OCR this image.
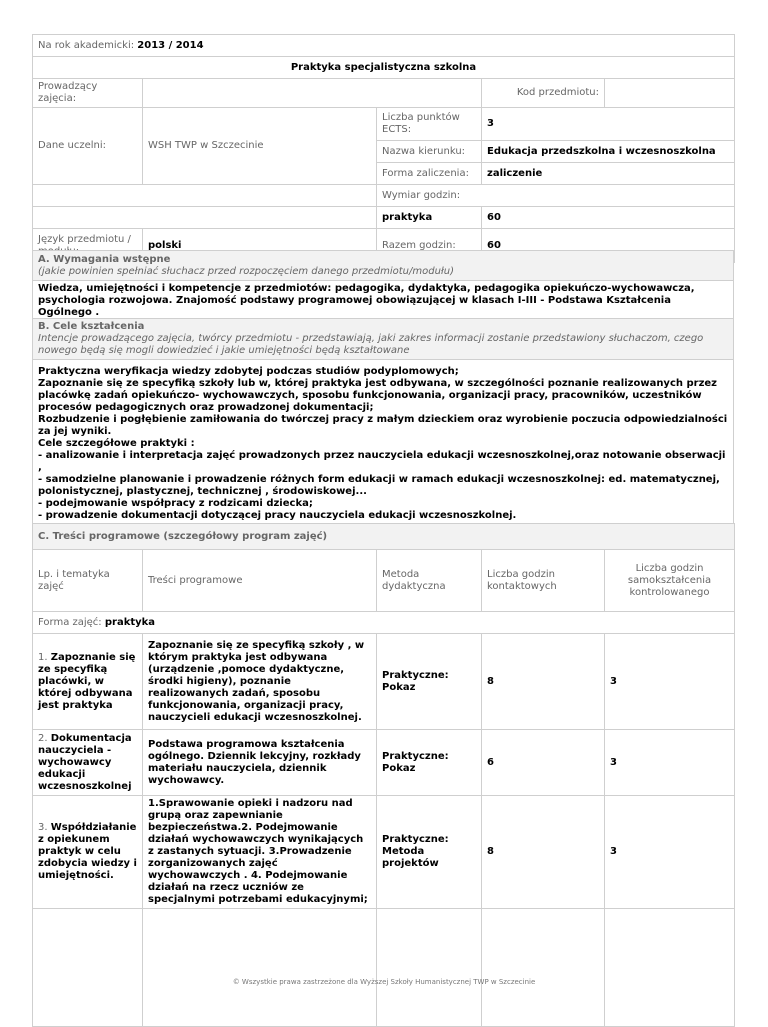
Na rok akademicki: 2013 / 2014				
Praktyka specjalistyczna szkolna				
Prowadzący zajęcia:			Kod przedmiotu:	
Dane uczelni:	WSH TWP w Szczecinie	Liczba punktów ECTS:	3	
		Nazwa kierunku:	Edukacja przedszkolna i wczesnoszkolna	
		Forma zaliczenia:	zaliczenie	
		Wymiar godzin:		
		praktyka	60	
Język przedmiotu /	polski	Razem godzin:	60	
A. Wymagania wstępne
(jakie powinien spełniać słuchacz przed rozpoczęciem danego przedmiotu/modułu)

Wiedza, umiejętności i kompetencje z przedmiotów: pedagogika, dydaktyka, pedagogika opiekuńczo-wychowawcza, psychologia rozwojowa. Znajomość podstawy programowej obowiązującej w klasach I-III - Podstawa Kształcenia Ogólnego .
B. Cele kształcenia
Intencje prowadzącego zajęcia, twórcy przedmiotu - przedstawiają, jaki zakres informacji zostanie przedstawiony słuchaczom, czego nowego będą się mogli dowiedzieć i jakie umiejętności będą kształtowane

Praktyczna weryfikacja wiedzy zdobytej podczas studiów podyplomowych;
Zapoznanie się ze specyfiką szkoły lub w, której praktyka jest odbywana, w szczególności poznanie realizowanych przez placówkę zadań opiekuńczo- wychowawczych, sposobu funkcjonowania, organizacji pracy, pracowników, uczestników procesów pedagogicznych oraz prowadzonej dokumentacji;
Rozbudzenie i pogłębienie zamiłowania do twórczej pracy z małym dzieckiem oraz wyrobienie poczucia odpowiedzialności za jej wyniki.
Cele szczegółowe praktyki :
- analizowanie i interpretacja zajęć prowadzonych przez nauczyciela edukacji wczesnoszkolnej,oraz notowanie obserwacji ,
- samodzielne planowanie i prowadzenie różnych form edukacji w ramach edukacji wczesnoszkolnej: ed. matematycznej, polonistycznej, plastycznej, technicznej , środowiskowej...
- podejmowanie współpracy z rodzicami dziecka;
- prowadzenie dokumentacji dotyczącej pracy nauczyciela edukacji wczesnoszkolnej.
C. Treści programowe (szczegółowy program zajęć)				
Lp. i tematyka zajęć	Treści programowe	Metoda dydaktyczna	Liczba godzin kontaktowych	Liczba godzin samokształcenia kontrolowanego
Forma zajęć: praktyka				
1. Zapoznanie się ze specyfiką placówki, w której odbywana jest praktyka	Zapoznanie się ze specyfiką szkoły , w którym praktyka jest odbywana (urządzenie ,pomoce dydaktyczne, środki higieny), poznanie realizowanych zadań, sposobu funkcjonowania, organizacji pracy, nauczycieli edukacji wczesnoszkolnej.	Praktyczne: Pokaz	8	3
2. Dokumentacja nauczyciela -wychowawcy edukacji wczesnoszkolnej	Podstawa programowa kształcenia ogólnego. Dziennik lekcyjny, rozkłady materiału nauczyciela, dziennik wychowawcy.	Praktyczne: Pokaz	6	3
3. Współdziałanie z opiekunem praktyk w celu zdobycia wiedzy i umiejętności.	1.Sprawowanie opieki i nadzoru nad grupą oraz zapewnianie bezpieczeństwa.2. Podejmowanie działań wychowawczych wynikających z zastanych sytuacji. 3.Prowadzenie zorganizowanych zajęć wychowawczych . 4. Podejmowanie działań na rzecz uczniów ze specjalnymi potrzebami edukacyjnymi;	Praktyczne: Metoda projektów	8	3

© Wszystkie prawa zastrzeżone dla Wyższej Szkoły Humanistycznej TWP w Szczecinie
